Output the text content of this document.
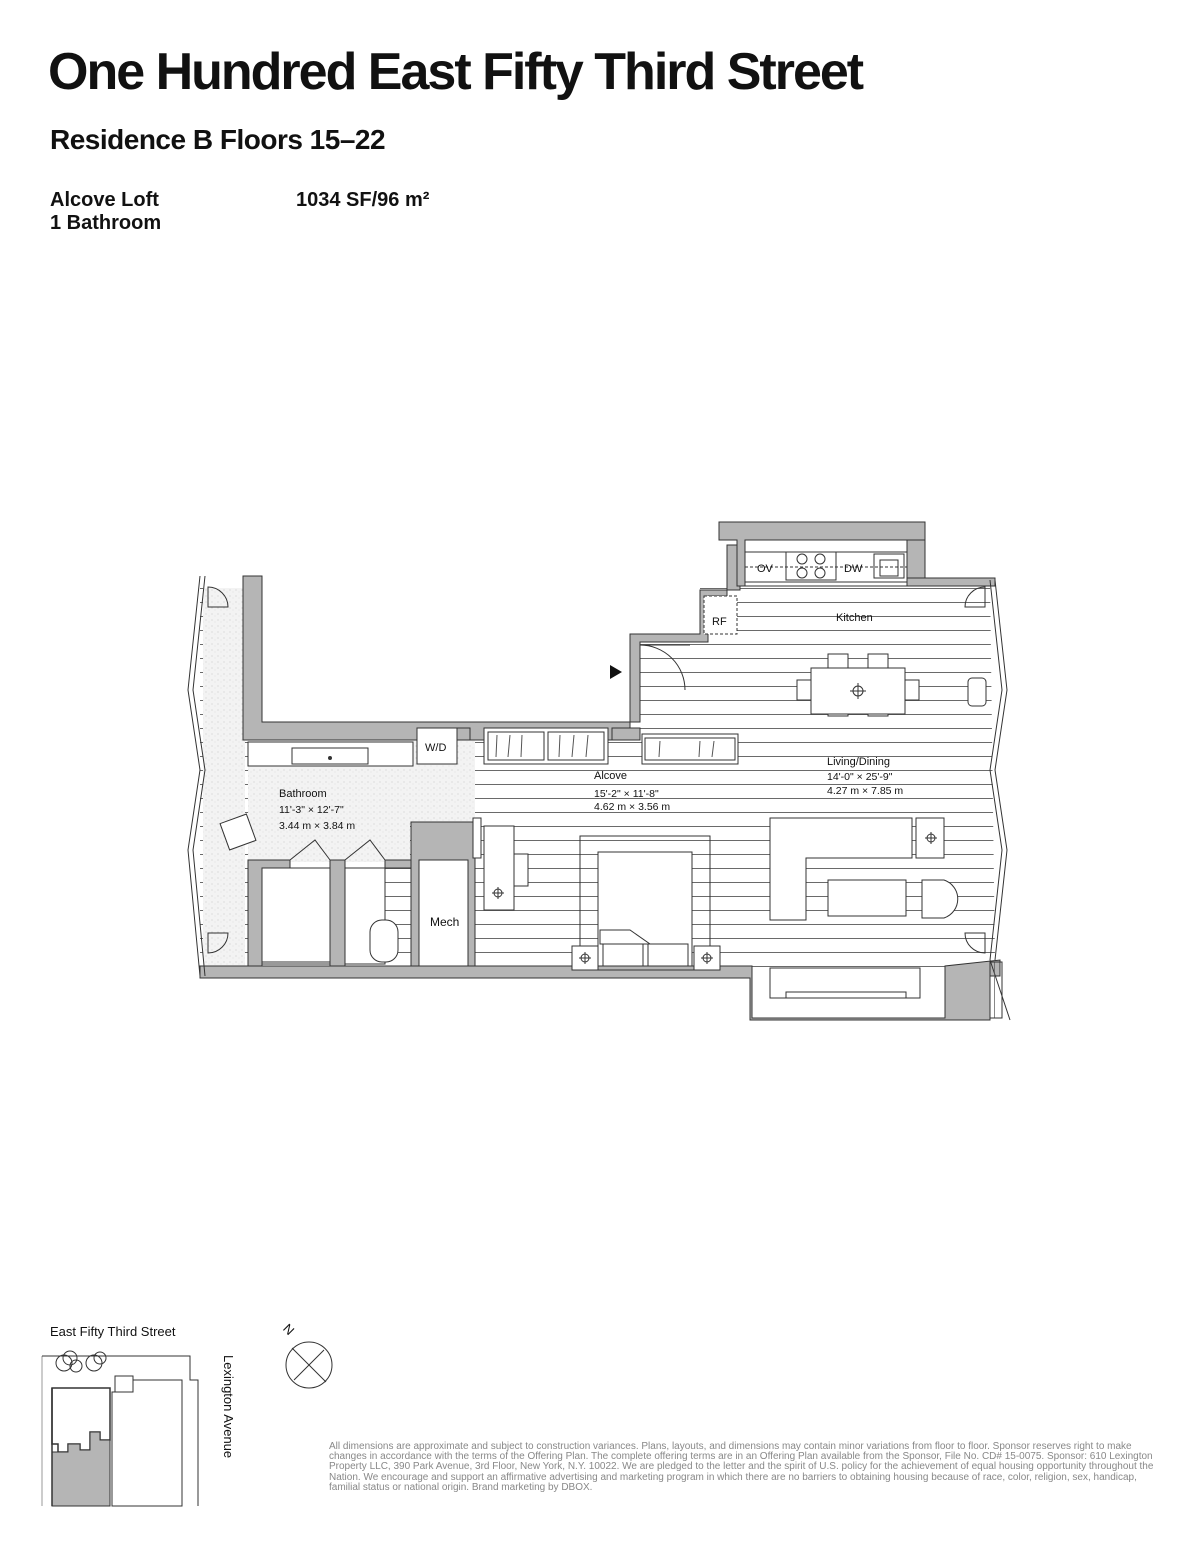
One Hundred East Fifty Third Street
Residence B Floors 15–22
Alcove Loft
1 Bathroom
1034 SF/96 m²
OV	DW
RF
W/D
Mech
Kitchen
Living/Dining
14'-0" × 25'-9"
4.27 m × 7.85 m
Alcove
15'-2" × 11'-8"
4.62 m × 3.56 m
Bathroom
11'-3" × 12'-7"
3.44 m × 3.84 m
N
East Fifty Third Street
Lexington Avenue	All dimensions are approximate and subject to construction variances. Plans, layouts, and dimensions may contain minor variations from floor to floor. Sponsor reserves right to make changes in accordance with the terms of the Offering Plan. The complete offering terms are in an Offering Plan available from the Sponsor, File No. CD# 15-0075. Sponsor: 610 Lexington Property LLC, 390 Park Avenue, 3rd Floor, New York, N.Y. 10022. We are pledged to the letter and the spirit of U.S. policy for the achievement of equal housing opportunity throughout the Nation. We encourage and support an affirmative advertising and marketing program in which there are no barriers to obtaining housing because of race, color, religion, sex, handicap, familial status or national origin. Brand marketing by DBOX.
